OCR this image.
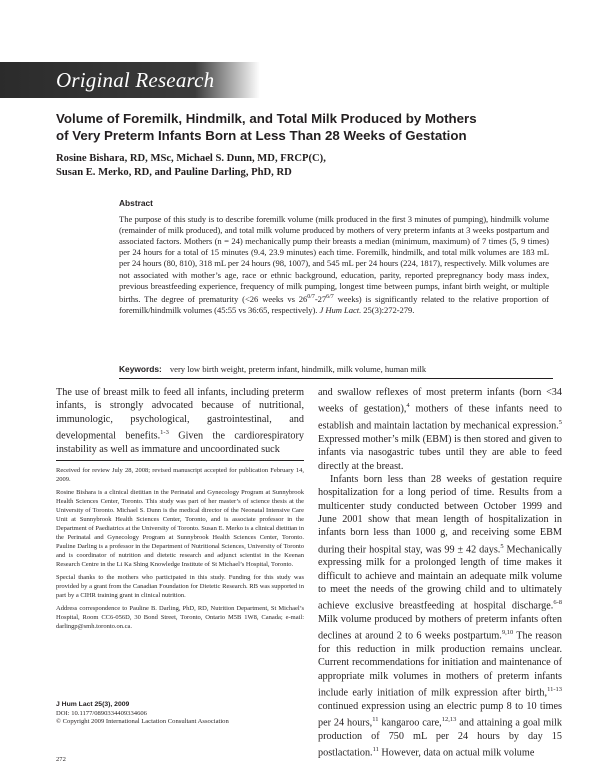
Original Research
Volume of Foremilk, Hindmilk, and Total Milk Produced by Mothers
of Very Preterm Infants Born at Less Than 28 Weeks of Gestation
Rosine Bishara, RD, MSc, Michael S. Dunn, MD, FRCP(C),
Susan E. Merko, RD, and Pauline Darling, PhD, RD
Abstract
The purpose of this study is to describe foremilk volume (milk produced in the first 3 minutes of pumping), hindmilk volume (remainder of milk produced), and total milk volume produced by mothers of very preterm infants at 3 weeks postpartum and associated factors. Mothers (n = 24) mechanically pump their breasts a median (minimum, maximum) of 7 times (5, 9 times) per 24 hours for a total of 15 minutes (9.4, 23.9 minutes) each time. Foremilk, hindmilk, and total milk volumes are 183 mL per 24 hours (80, 810), 318 mL per 24 hours (98, 1007), and 545 mL per 24 hours (224, 1817), respectively. Milk volumes are not associated with mother’s age, race or ethnic background, education, parity, reported prepregnancy body mass index, previous breastfeeding experience, frequency of milk pumping, longest time between pumps, infant birth weight, or multiple births. The degree of prematurity (<26 weeks vs $26^{0/7}-27^{6/7}$ weeks) is significantly related to the relative proportion of foremilk/hindmilk volumes (45:55 vs 36:65, respectively). J Hum Lact. 25(3):272-279.
Keywords: very low birth weight, preterm infant, hindmilk, milk volume, human milk

The use of breast milk to feed all infants, including preterm infants, is strongly advocated because of nutritional, immunologic, psychological, gastrointestinal, and developmental benefits.$^{1-3}$ Given the cardiorespiratory instability as well as immature and uncoordinated suck

Received for review July 28, 2008; revised manuscript accepted for publication February 14, 2009.

Rosine Bishara is a clinical dietitian in the Perinatal and Gynecology Program at Sunnybrook Health Sciences Center, Toronto. This study was part of her master’s of science thesis at the University of Toronto. Michael S. Dunn is the medical director of the Neonatal Intensive Care Unit at Sunnybrook Health Sciences Center, Toronto, and is associate professor in the Department of Paediatrics at the University of Toronto. Susan E. Merko is a clinical dietitian in the Perinatal and Gynecology Program at Sunnybrook Health Sciences Center, Toronto. Pauline Darling is a professor in the Department of Nutritional Sciences, University of Toronto and is coordinator of nutrition and dietetic research and adjunct scientist in the Keenan Research Centre in the Li Ka Shing Knowledge Institute of St Michael’s Hospital, Toronto.

Special thanks to the mothers who participated in this study. Funding for this study was provided by a grant from the Canadian Foundation for Dietetic Research. RB was supported in part by a CIHR training grant in clinical nutrition.

Address correspondence to Pauline B. Darling, PhD, RD, Nutrition Department, St Michael’s Hospital, Room CC6-056D, 30 Bond Street, Toronto, Ontario M5B 1W8, Canada; e-mail: darlingp@smh.toronto.on.ca.

J Hum Lact 25(3), 2009
DOI: 10.1177/0890334409334606
© Copyright 2009 International Lactation Consultant Association
272

and swallow reflexes of most preterm infants (born <34 weeks of gestation),$^4$ mothers of these infants need to establish and maintain lactation by mechanical expression.$^5$ Expressed mother’s milk (EBM) is then stored and given to infants via nasogastric tubes until they are able to feed directly at the breast.

Infants born less than 28 weeks of gestation require hospitalization for a long period of time. Results from a multicenter study conducted between October 1999 and June 2001 show that mean length of hospitalization in infants born less than 1000 g, and receiving some EBM during their hospital stay, was 99 ± 42 days.$^5$ Mechanically expressing milk for a prolonged length of time makes it difficult to achieve and maintain an adequate milk volume to meet the needs of the growing child and to ultimately achieve exclusive breastfeeding at hospital discharge.$^{6-8}$ Milk volume produced by mothers of preterm infants often declines at around 2 to 6 weeks postpartum.$^{9,10}$ The reason for this reduction in milk production remains unclear. Current recommendations for initiation and maintenance of appropriate milk volumes in mothers of preterm infants include early initiation of milk expression after birth,$^{11-13}$ continued expression using an electric pump 8 to 10 times per 24 hours,$^{11}$ kangaroo care,$^{12,13}$ and attaining a goal milk production of 750 mL per 24 hours by day 15 postlactation.$^{11}$ However, data on actual milk volume
